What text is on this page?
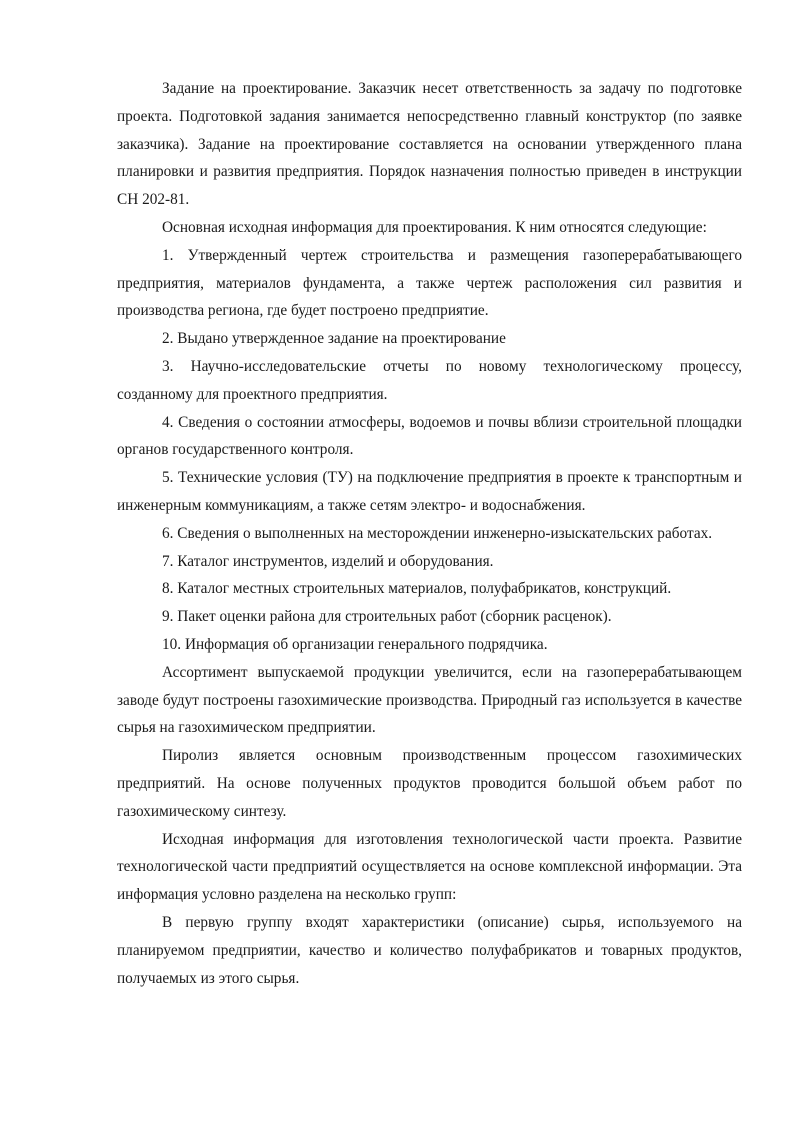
Задание на проектирование. Заказчик несет ответственность за задачу по подготовке проекта. Подготовкой задания занимается непосредственно главный конструктор (по заявке заказчика). Задание на проектирование составляется на основании утвержденного плана планировки и развития предприятия. Порядок назначения полностью приведен в инструкции СН 202-81.

Основная исходная информация для проектирования. К ним относятся следующие:

1. Утвержденный чертеж строительства и размещения газоперерабатывающего предприятия, материалов фундамента, а также чертеж расположения сил развития и производства региона, где будет построено предприятие.

2. Выдано утвержденное задание на проектирование

3. Научно-исследовательские отчеты по новому технологическому процессу, созданному для проектного предприятия.

4. Сведения о состоянии атмосферы, водоемов и почвы вблизи строительной площадки органов государственного контроля.

5. Технические условия (ТУ) на подключение предприятия в проекте к транспортным и инженерным коммуникациям, а также сетям электро- и водоснабжения.

6. Сведения о выполненных на месторождении инженерно-изыскательских работах.

7. Каталог инструментов, изделий и оборудования.

8. Каталог местных строительных материалов, полуфабрикатов, конструкций.

9. Пакет оценки района для строительных работ (сборник расценок).

10. Информация об организации генерального подрядчика.

Ассортимент выпускаемой продукции увеличится, если на газоперерабатывающем заводе будут построены газохимические производства. Природный газ используется в качестве сырья на газохимическом предприятии.

Пиролиз является основным производственным процессом газохимических предприятий. На основе полученных продуктов проводится большой объем работ по газохимическому синтезу.

Исходная информация для изготовления технологической части проекта. Развитие технологической части предприятий осуществляется на основе комплексной информации. Эта информация условно разделена на несколько групп:

В первую группу входят характеристики (описание) сырья, используемого на планируемом предприятии, качество и количество полуфабрикатов и товарных продуктов, получаемых из этого сырья.
